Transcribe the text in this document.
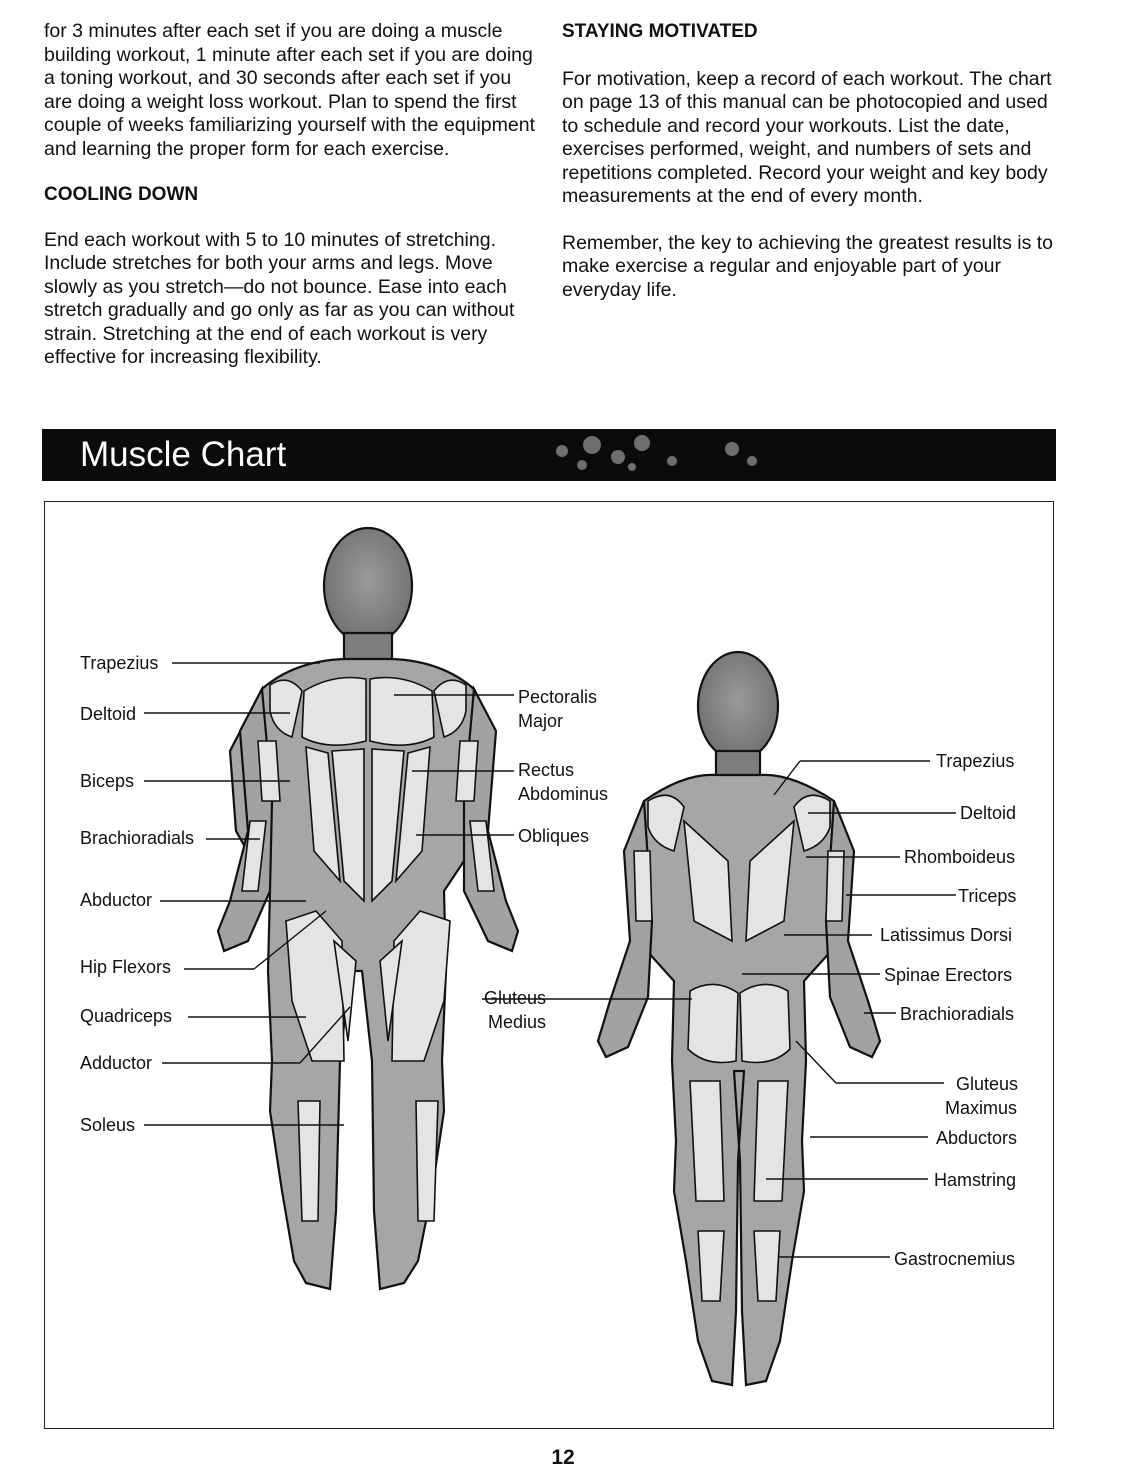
for 3 minutes after each set if you are doing a muscle building workout, 1 minute after each set if you are doing a toning workout, and 30 seconds after each set if you are doing a weight loss workout. Plan to spend the first couple of weeks familiarizing yourself with the equipment and learning the proper form for each exercise.

COOLING DOWN

End each workout with 5 to 10 minutes of stretching. Include stretches for both your arms and legs. Move slowly as you stretch—do not bounce. Ease into each stretch gradually and go only as far as you can without strain. Stretching at the end of each workout is very effective for increasing flexibility.

STAYING MOTIVATED

For motivation, keep a record of each workout. The chart on page 13 of this manual can be photocopied and used to schedule and record your workouts. List the date, exercises performed, weight, and numbers of sets and repetitions completed. Record your weight and key body measurements at the end of every month.

Remember, the key to achieving the greatest results is to make exercise a regular and enjoyable part of your everyday life.

Muscle Chart
Trapezius
Deltoid
Biceps
Brachioradials
Abductor
Hip Flexors
Quadriceps
Adductor
Soleus
Pectoralis
Major
Rectus
Abdominus
Obliques
Gluteus
Medius
Trapezius
Deltoid
Rhomboideus
Triceps
Latissimus Dorsi
Spinae Erectors
Brachioradials
Gluteus
Maximus
Abductors
Hamstring
Gastrocnemius
12
